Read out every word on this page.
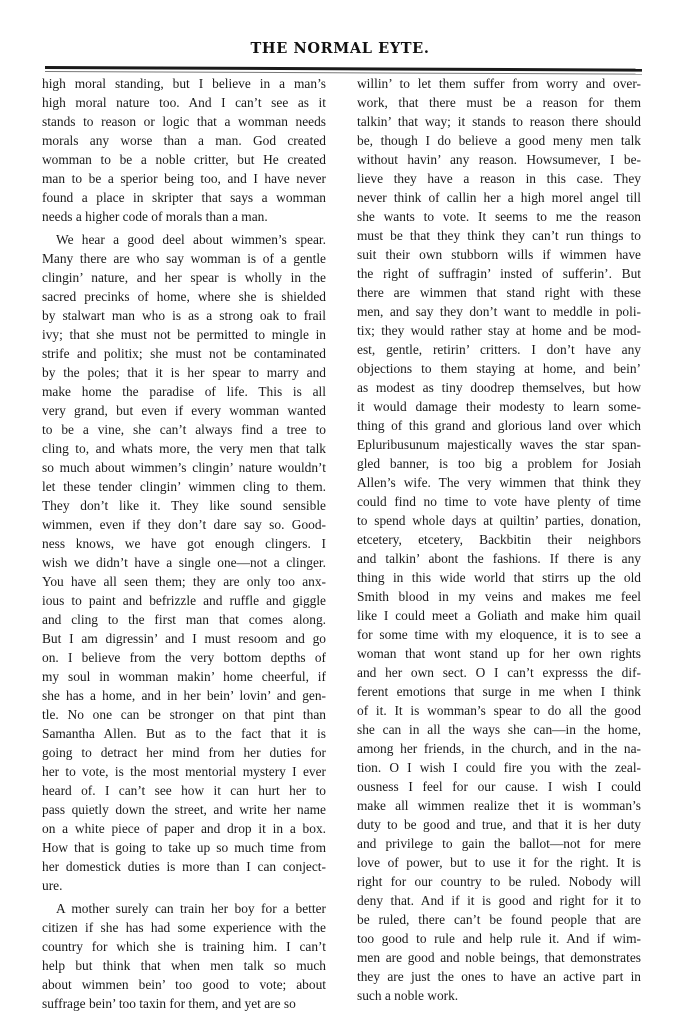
THE NORMAL EYTE.
high moral standing, but I believe in a man’s
high moral nature too. And I can’t see as it
stands to reason or logic that a womman needs
morals any worse than a man. God created
womman to be a noble critter, but He created
man to be a sperior being too, and I have never
found a place in skripter that says a womman
needs a higher code of morals than a man.
We hear a good deel about wimmen’s spear.
Many there are who say womman is of a gentle
clingin’ nature, and her spear is wholly in the
sacred precinks of home, where she is shielded
by stalwart man who is as a strong oak to frail
ivy; that she must not be permitted to mingle in
strife and politix; she must not be contaminated
by the poles; that it is her spear to marry and
make home the paradise of life. This is all
very grand, but even if every womman wanted
to be a vine, she can’t always find a tree to
cling to, and whats more, the very men that talk
so much about wimmen’s clingin’ nature wouldn’t
let these tender clingin’ wimmen cling to them.
They don’t like it. They like sound sensible
wimmen, even if they don’t dare say so. Good-
ness knows, we have got enough clingers. I
wish we didn’t have a single one—not a clinger.
You have all seen them; they are only too anx-
ious to paint and befrizzle and ruffle and giggle
and cling to the first man that comes along.
But I am digressin’ and I must resoom and go
on. I believe from the very bottom depths of
my soul in womman makin’ home cheerful, if
she has a home, and in her bein’ lovin’ and gen-
tle. No one can be stronger on that pint than
Samantha Allen. But as to the fact that it is
going to detract her mind from her duties for
her to vote, is the most mentorial mystery I ever
heard of. I can’t see how it can hurt her to
pass quietly down the street, and write her name
on a white piece of paper and drop it in a box.
How that is going to take up so much time from
her domestick duties is more than I can conject-
ure.
A mother surely can train her boy for a better
citizen if she has had some experience with the
country for which she is training him. I can’t
help but think that when men talk so much
about wimmen bein’ too good to vote; about
suffrage bein’ too taxin for them, and yet are so
willin’ to let them suffer from worry and over-
work, that there must be a reason for them
talkin’ that way; it stands to reason there should
be, though I do believe a good meny men talk
without havin’ any reason. Howsumever, I be-
lieve they have a reason in this case. They
never think of callin her a high morel angel till
she wants to vote. It seems to me the reason
must be that they think they can’t run things to
suit their own stubborn wills if wimmen have
the right of suffragin’ insted of sufferin’. But
there are wimmen that stand right with these
men, and say they don’t want to meddle in poli-
tix; they would rather stay at home and be mod-
est, gentle, retirin’ critters. I don’t have any
objections to them staying at home, and bein’
as modest as tiny doodrep themselves, but how
it would damage their modesty to learn some-
thing of this grand and glorious land over which
Epluribusunum majestically waves the star span-
gled banner, is too big a problem for Josiah
Allen’s wife. The very wimmen that think they
could find no time to vote have plenty of time
to spend whole days at quiltin’ parties, donation,
etcetery, etcetery, Backbitin their neighbors
and talkin’ abont the fashions. If there is any
thing in this wide world that stirrs up the old
Smith blood in my veins and makes me feel
like I could meet a Goliath and make him quail
for some time with my eloquence, it is to see a
woman that wont stand up for her own rights
and her own sect. O I can’t expresss the dif-
ferent emotions that surge in me when I think
of it. It is womman’s spear to do all the good
she can in all the ways she can—in the home,
among her friends, in the church, and in the na-
tion. O I wish I could fire you with the zeal-
ousness I feel for our cause. I wish I could
make all wimmen realize thet it is womman’s
duty to be good and true, and that it is her duty
and privilege to gain the ballot—not for mere
love of power, but to use it for the right. It is
right for our country to be ruled. Nobody will
deny that. And if it is good and right for it to
be ruled, there can’t be found people that are
too good to rule and help rule it. And if wim-
men are good and noble beings, that demonstrates
they are just the ones to have an active part in
such a noble work.
